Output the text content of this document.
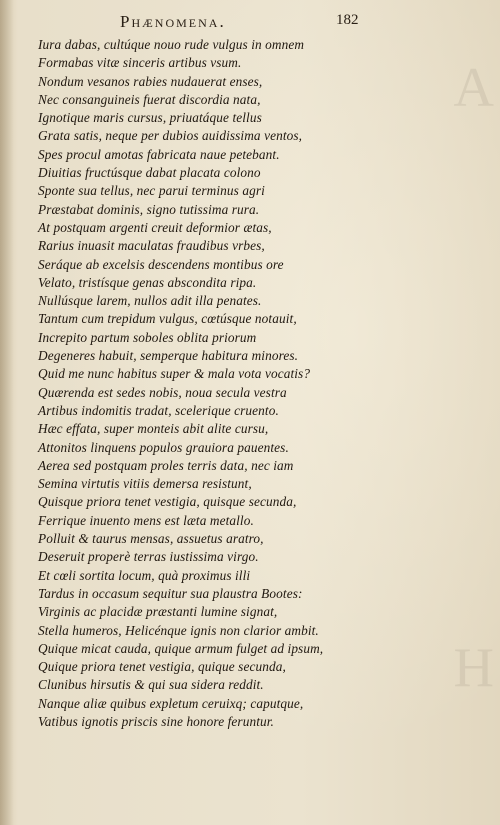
A
H
Phænomena.	182
Iura dabas, cultúque nouo rude vulgus in omnem
Formabas vitæ sinceris artibus vsum.
Nondum vesanos rabies nudauerat enses,
Nec consanguineis fuerat discordia nata,
Ignotique maris cursus, priuatáque tellus
Grata satis, neque per dubios auidissima ventos,
Spes procul amotas fabricata naue petebant.
Diuitias fructúsque dabat placata colono
Sponte sua tellus, nec parui terminus agri
Præstabat dominis, signo tutissima rura.
At postquam argenti creuit deformior ætas,
Rarius inuasit maculatas fraudibus vrbes,
Seráque ab excelsis descendens montibus ore
Velato, tristísque genas abscondita ripa.
Nullúsque larem, nullos adit illa penates.
Tantum cum trepidum vulgus, cœtúsque notauit,
Increpito partum soboles oblita priorum
Degeneres habuit, semperque habitura minores.
Quid me nunc habitus super & mala vota vocatis?
Quærenda est sedes nobis, noua secula vestra
Artibus indomitis tradat, scelerique cruento.
Hæc effata, super monteis abit alite cursu,
Attonitos linquens populos grauiora pauentes.
Aerea sed postquam proles terris data, nec iam
Semina virtutis vitiis demersa resistunt,
Quisque priora tenet vestigia, quisque secunda,
Ferrique inuento mens est læta metallo.
Polluit & taurus mensas, assuetus aratro,
Deseruit properè terras iustissima virgo.
Et cœli sortita locum, quà proximus illi
Tardus in occasum sequitur sua plaustra Bootes:
Virginis ac placidæ præstanti lumine signat,
Stella humeros, Helicénque ignis non clarior ambit.
Quique micat cauda, quique armum fulget ad ipsum,
Quique priora tenet vestigia, quique secunda,
Clunibus hirsutis & qui sua sidera reddit.
Nanque aliæ quibus expletum ceruixq; caputque,
Vatibus ignotis priscis sine honore feruntur.
